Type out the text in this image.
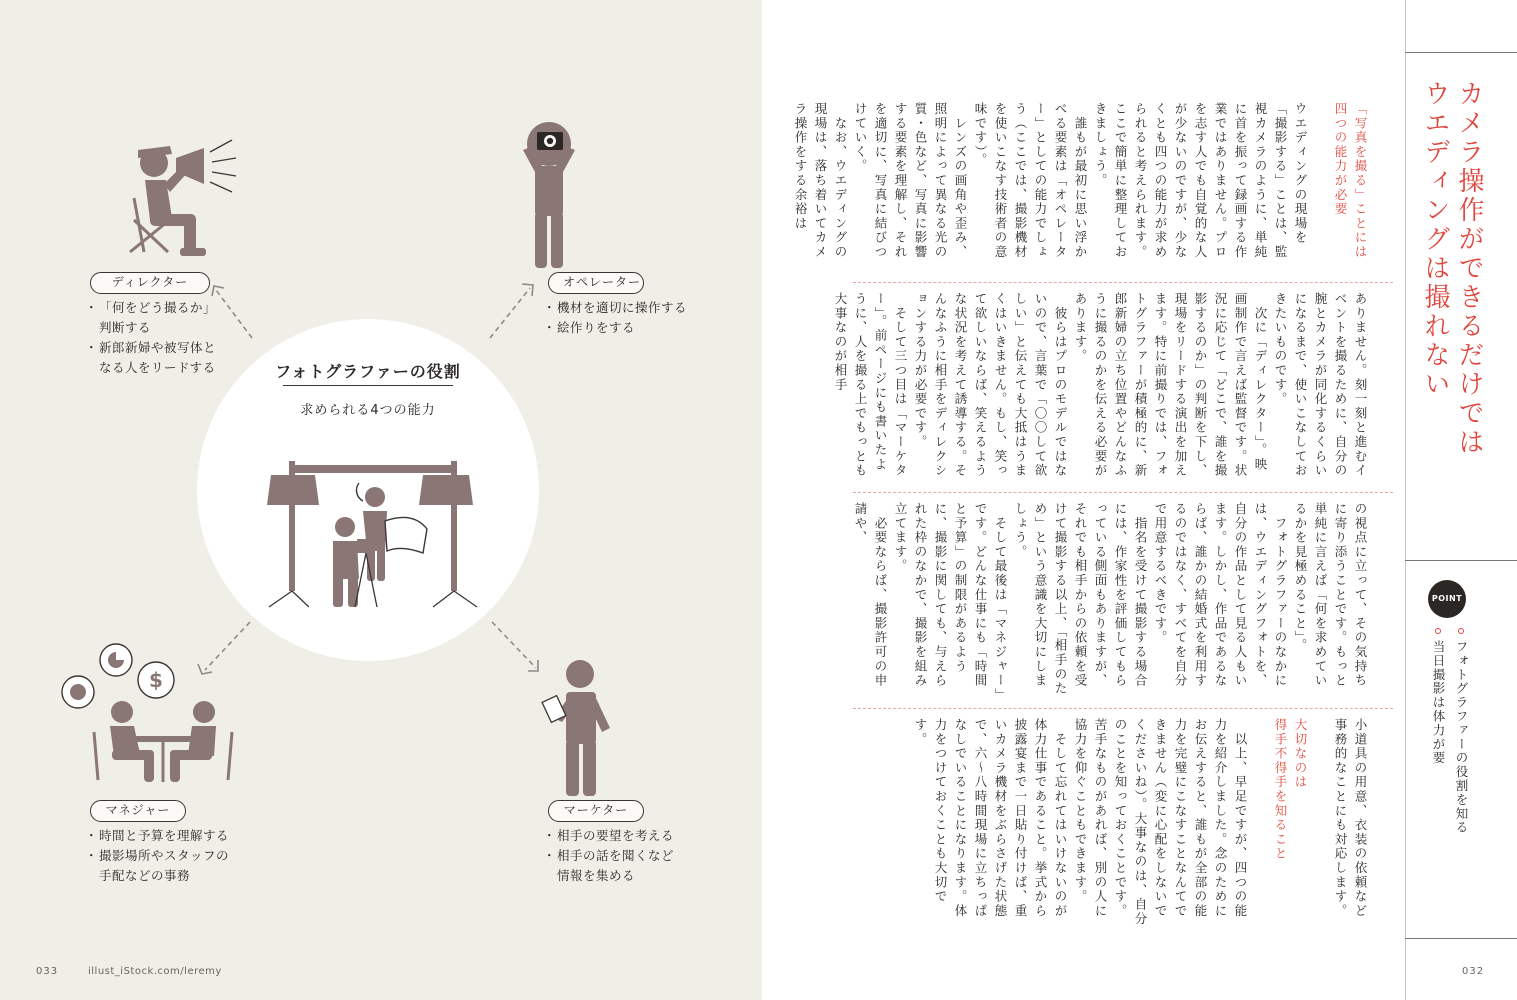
$
ディレクター
・ 「何をどう撮るか」
判断する
・ 新郎新婦や被写体と
なる人をリードする
オペレーター
・ 機材を適切に操作する
・ 絵作りをする
マネジャー
・ 時間と予算を理解する
・ 撮影場所やスタッフの
手配などの事務
マーケター
・ 相手の要望を考える
・ 相手の話を聞くなど
情報を集める
フォトグラファーの役割
求められる4つの能力
033	illust_iStock.com/leremy
カメラ操作ができるだけでは
ウエディングは撮れない
POINT
フォトグラファーの役割を知る
当日撮影は体力が要
「写真を撮る」ことには
四つの能力が必要

ウエディングの現場を「撮影する」ことは、監視カメラのように、単純に首を振って録画する作業ではありません。プロを志す人でも自覚的な人が少ないのですが、少なくとも四つの能力が求められると考えられます。ここで簡単に整理しておきましょう。
　誰もが最初に思い浮かべる要素は「オペレーター」としての能力でしょう（ここでは、撮影機材を使いこなす技術者の意味です）。
　レンズの画角や歪み、照明によって異なる光の質・色など、写真に影響する要素を理解し、それを適切に、写真に結びつけていく。
　なお、ウエディングの現場は、落ち着いてカメラ操作をする余裕は
ありません。刻一刻と進むイベントを撮るために、自分の腕とカメラが同化するくらいになるまで、使いこなしておきたいものです。
　次に「ディレクター」。映画制作で言えば監督です。状況に応じて「どこで、誰を撮影するのか」の判断を下し、現場をリードする演出を加えます。特に前撮りでは、フォトグラファーが積極的に、新郎新婦の立ち位置やどんなふうに撮るのかを伝える必要があります。
　彼らはプロのモデルではないので、言葉で「〇〇して欲しい」と伝えても大抵はうまくはいきません。もし、笑って欲しいならば、笑えるような状況を考えて誘導する。そんなふうに相手をディレクションする力が必要です。
　そして三つ目は「マーケター」。前ページにも書いたように、人を撮る上でもっとも大事なのが相手
の視点に立って、その気持ちに寄り添うことです。もっと単純に言えば「何を求めているかを見極めること」。
　フォトグラファーのなかには、ウエディングフォトを、自分の作品として見る人もいます。しかし、作品であるならば、誰かの結婚式を利用するのではなく、すべてを自分で用意するべきです。
　指名を受けて撮影する場合には、作家性を評価してもらっている側面もありますが、それでも相手からの依頼を受けて撮影する以上、「相手のため」という意識を大切にしましょう。
　そして最後は「マネジャー」です。どんな仕事にも「時間と予算」の制限があるように、撮影に関しても、与えられた枠のなかで、撮影を組み立てます。
　必要ならば、撮影許可の申請や、
小道具の用意、衣装の依頼など事務的なことにも対応します。

大切なのは
得手不得手を知ること

　以上、早足ですが、四つの能力を紹介しました。念のためにお伝えすると、誰もが全部の能力を完璧にこなすことなんてできません（変に心配をしないでくださいね）。大事なのは、自分のことを知っておくことです。苦手なものがあれば、別の人に協力を仰ぐこともできます。
　そして忘れてはいけないのが体力仕事であること。挙式から披露宴まで一日貼り付けば、重いカメラ機材をぶらさげた状態で、六〜八時間現場に立ちっぱなしでいることになります。体力をつけておくことも大切です。
032
